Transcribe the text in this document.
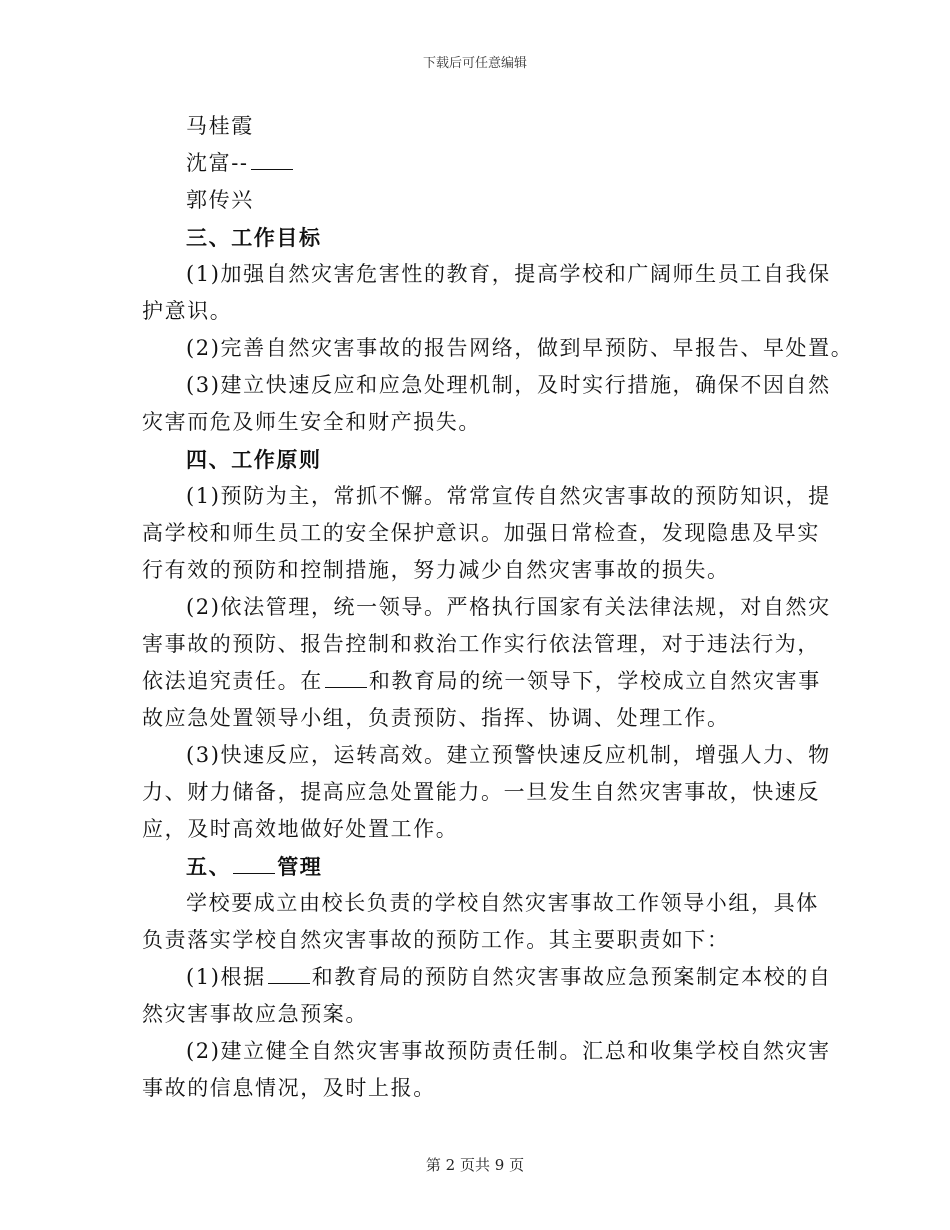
下载后可任意编辑
马桂霞
沈富--
郭传兴
三、工作目标
(1)加强自然灾害危害性的教育，提高学校和广阔师生员工自我保
护意识。
(2)完善自然灾害事故的报告网络，做到早预防、早报告、早处置。
(3)建立快速反应和应急处理机制，及时实行措施，确保不因自然
灾害而危及师生安全和财产损失。
四、工作原则
(1)预防为主，常抓不懈。常常宣传自然灾害事故的预防知识，提
高学校和师生员工的安全保护意识。加强日常检查，发现隐患及早实
行有效的预防和控制措施，努力减少自然灾害事故的损失。
(2)依法管理，统一领导。严格执行国家有关法律法规，对自然灾
害事故的预防、报告控制和救治工作实行依法管理，对于违法行为，
依法追究责任。在 和教育局的统一领导下，学校成立自然灾害事
故应急处置领导小组，负责预防、指挥、协调、处理工作。
(3)快速反应，运转高效。建立预警快速反应机制，增强人力、物
力、财力储备，提高应急处置能力。一旦发生自然灾害事故，快速反
应，及时高效地做好处置工作。
五、 管理
学校要成立由校长负责的学校自然灾害事故工作领导小组，具体
负责落实学校自然灾害事故的预防工作。其主要职责如下：
(1)根据 和教育局的预防自然灾害事故应急预案制定本校的自
然灾害事故应急预案。
(2)建立健全自然灾害事故预防责任制。汇总和收集学校自然灾害
事故的信息情况，及时上报。
第 2 页共 9 页
